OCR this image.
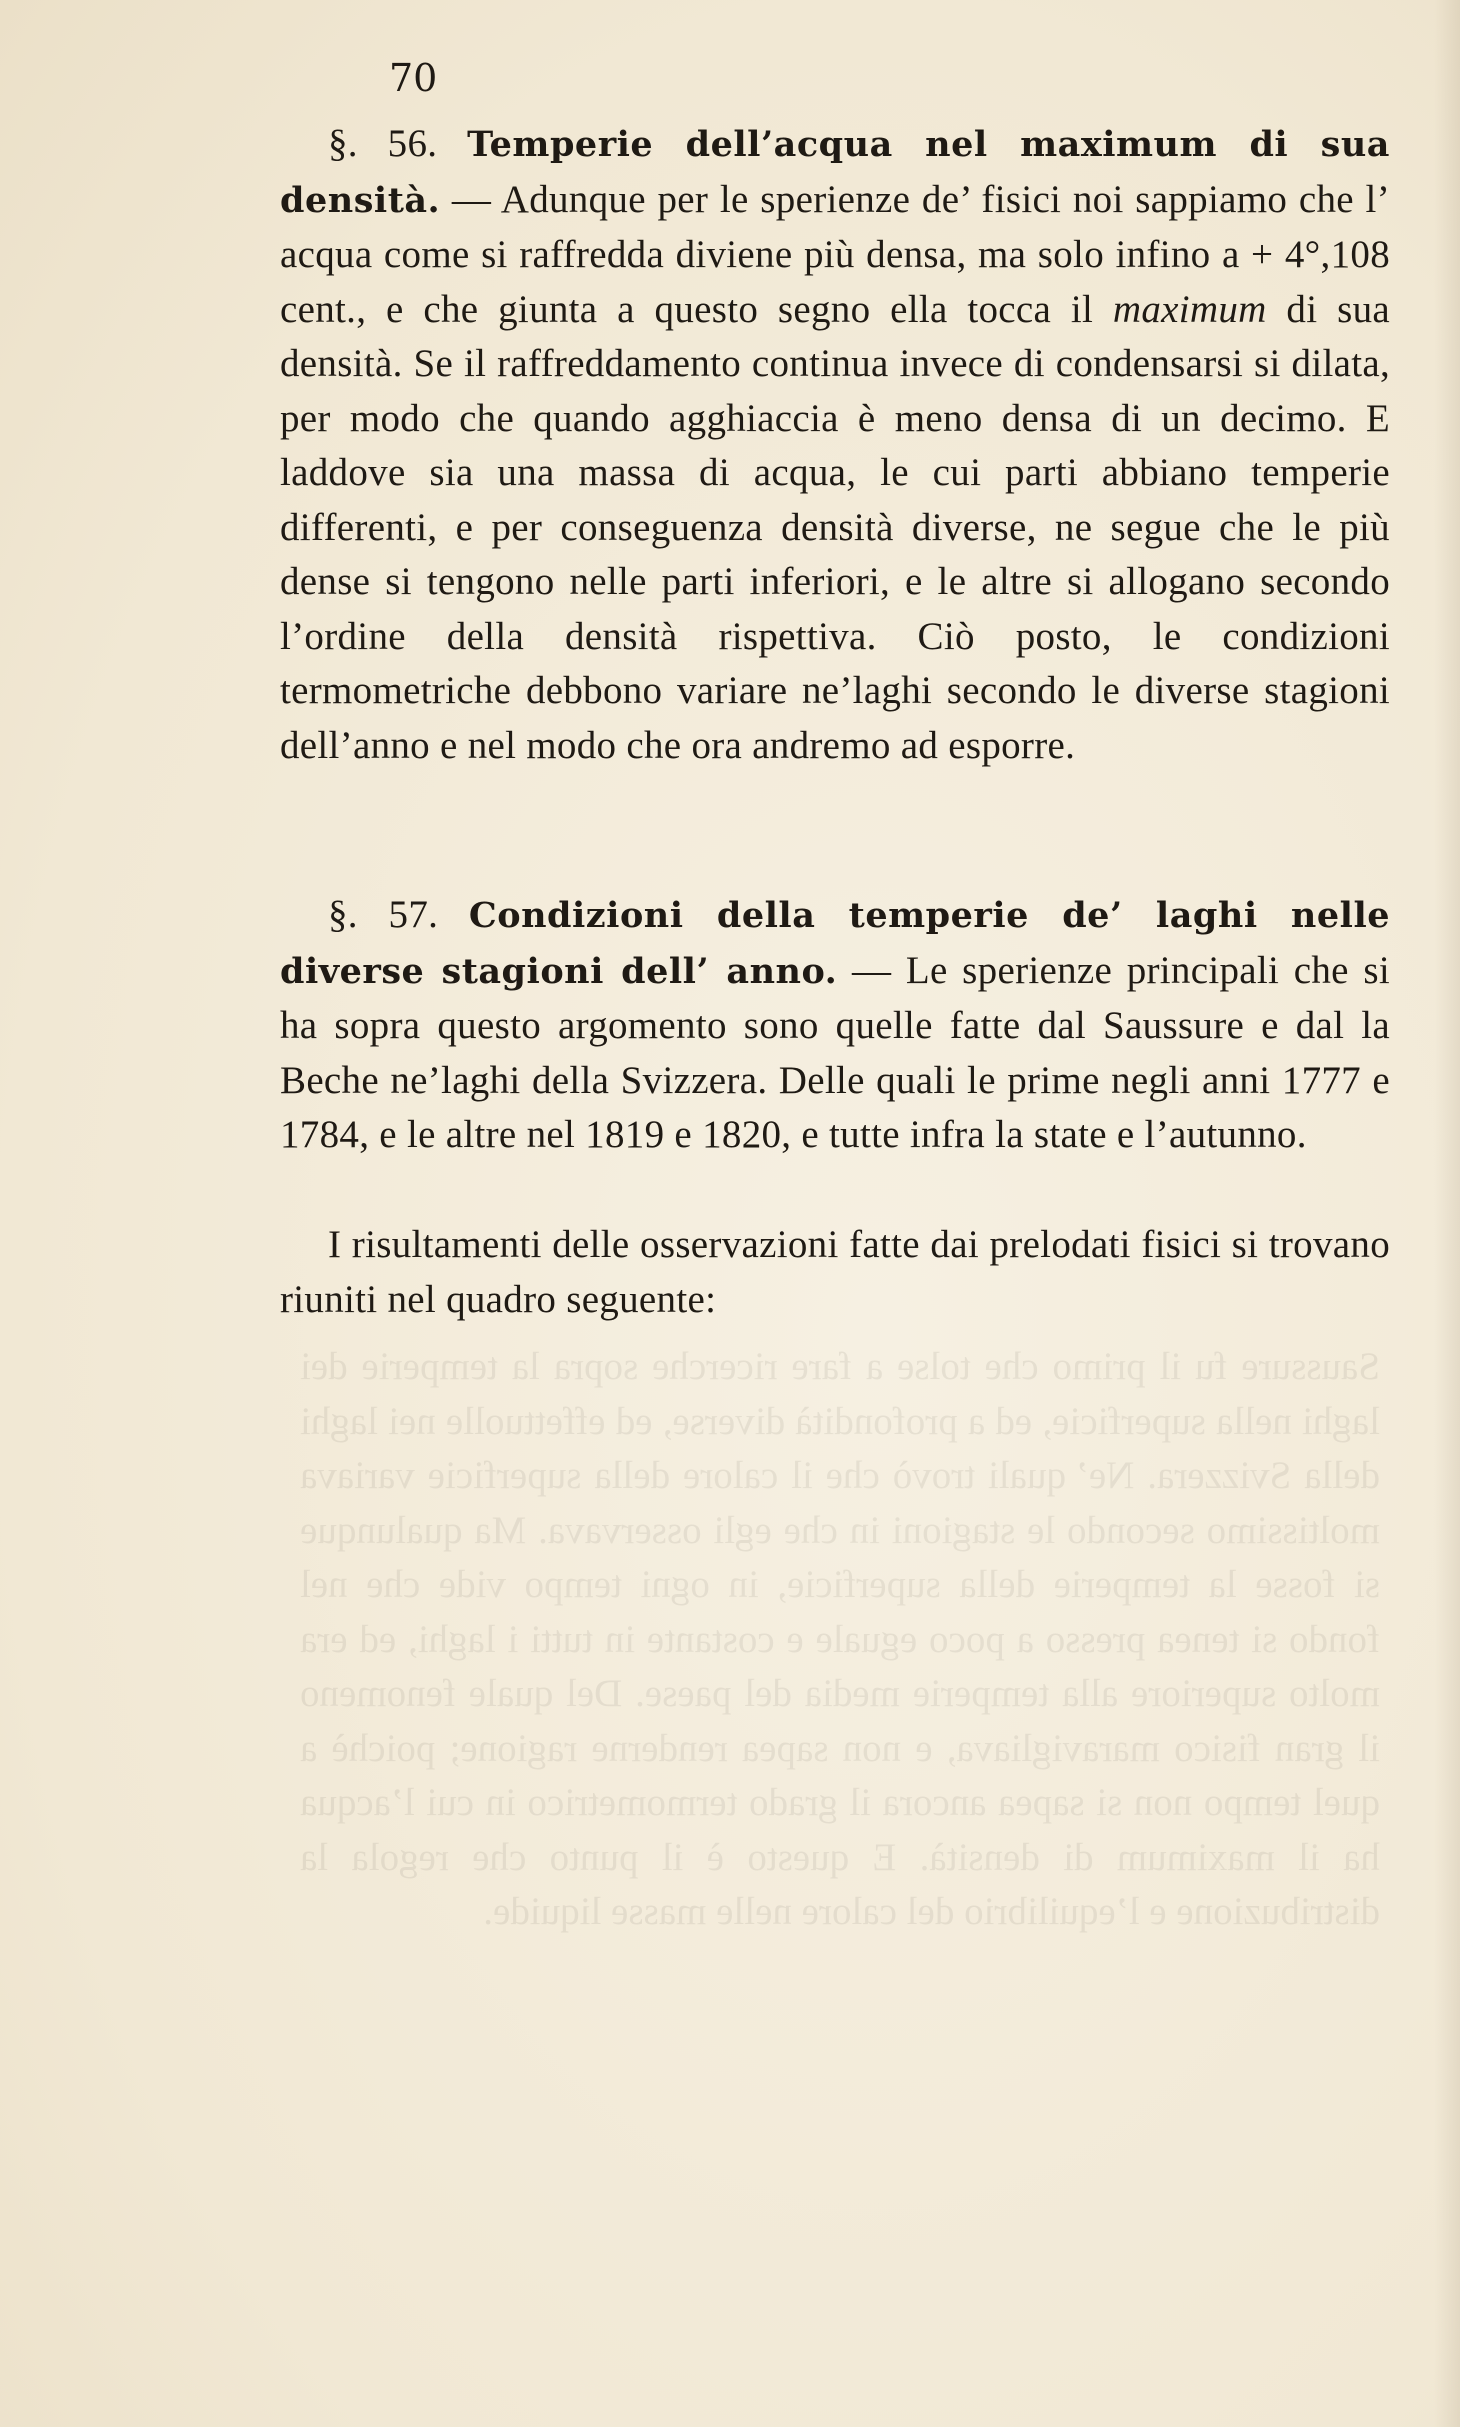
70

§. 56. Temperie dell’acqua nel maximum di sua densità. — Adunque per le sperienze de’ fisici noi sappiamo che l’ acqua come si raffredda diviene più densa, ma solo infino a + 4°,108 cent., e che giunta a questo segno ella tocca il maximum di sua densità. Se il raffreddamento continua invece di condensarsi si dilata, per modo che quando agghiaccia è meno densa di un decimo. E laddove sia una massa di acqua, le cui parti abbiano temperie differenti, e per conseguenza densità diverse, ne segue che le più dense si tengono nelle parti inferiori, e le altre si allogano secondo l’ordine della densità rispettiva. Ciò posto, le condizioni termometriche debbono variare ne’laghi secondo le diverse stagioni dell’anno e nel modo che ora andremo ad esporre.

§. 57. Condizioni della temperie de’ laghi nelle diverse stagioni dell’ anno. — Le sperienze principali che si ha sopra questo argomento sono quelle fatte dal Saussure e dal la Beche ne’laghi della Svizzera. Delle quali le prime negli anni 1777 e 1784, e le altre nel 1819 e 1820, e tutte infra la state e l’autunno.

I risultamenti delle osservazioni fatte dai prelodati fisici si trovano riuniti nel quadro seguente:

Saussure fu il primo che tolse a fare ricerche sopra la temperie dei laghi nella superficie, ed a profondità diverse, ed effettuolle nei laghi della Svizzera. Ne’ quali trovò che il calore della superficie variava moltissimo secondo le stagioni in che egli osservava. Ma qualunque si fosse la temperie della superficie, in ogni tempo vide che nel fondo si tenea presso a poco eguale e costante in tutti i laghi, ed era molto superiore alla temperie media del paese. Del quale fenomeno il gran fisico maravigliava, e non sapea renderne ragione; poichè a quel tempo non si sapea ancora il grado termometrico in cui l’acqua ha il maximum di densità. E questo è il punto che regola la distribuzione e l’equilibrio del calore nelle masse liquide.
